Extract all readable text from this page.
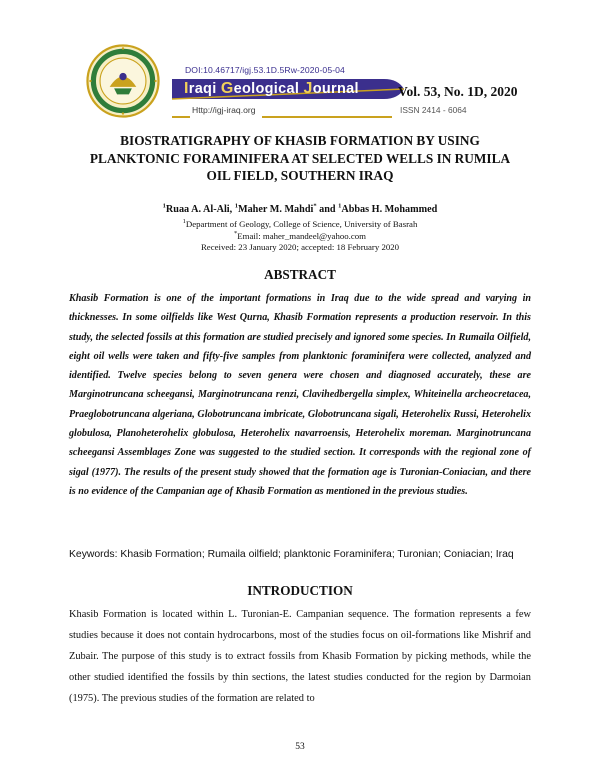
DOI:10.46717/igj.53.1D.5Rw-2020-05-04
Iraqi Geological Journal	Vol. 53, No. 1D, 2020
Http://igj-iraq.org	ISSN 2414 - 6064
BIOSTRATIGRAPHY OF KHASIB FORMATION BY USING
PLANKTONIC FORAMINIFERA AT SELECTED WELLS IN RUMILA
OIL FIELD, SOUTHERN IRAQ
$^1$Ruaa A. Al-Ali, $^1$Maher M. Mahdi* and $^1$Abbas H. Mohammed
$^1$Department of Geology, College of Science, University of Basrah
*Email: maher_mandeel@yahoo.com
Received: 23 January 2020; accepted: 18 February 2020
ABSTRACT

Khasib Formation is one of the important formations in Iraq due to the wide spread and varying in thicknesses. In some oilfields like West Qurna, Khasib Formation represents a production reservoir. In this study, the selected fossils at this formation are studied precisely and ignored some species. In Rumaila Oilfield, eight oil wells were taken and fifty-five samples from planktonic foraminifera were collected, analyzed and identified. Twelve species belong to seven genera were chosen and diagnosed accurately, these are Marginotruncana scheegansi, Marginotruncana renzi, Clavihedbergella simplex, Whiteinella archeocretacea, Praeglobotruncana algeriana, Globotruncana imbricate, Globotruncana sigali, Heterohelix Russi, Heterohelix globulosa, Planoheterohelix globulosa, Heterohelix navarroensis, Heterohelix moreman. Marginotruncana scheegansi Assemblages Zone was suggested to the studied section. It corresponds with the regional zone of sigal (1977). The results of the present study showed that the formation age is Turonian-Coniacian, and there is no evidence of the Campanian age of Khasib Formation as mentioned in the previous studies.

Keywords: Khasib Formation; Rumaila oilfield; planktonic Foraminifera; Turonian; Coniacian; Iraq

INTRODUCTION

Khasib Formation is located within L. Turonian-E. Campanian sequence. The formation represents a few studies because it does not contain hydrocarbons, most of the studies focus on oil-formations like Mishrif and Zubair. The purpose of this study is to extract fossils from Khasib Formation by picking methods, while the other studied identified the fossils by thin sections, the latest studies conducted for the region by Darmoian (1975). The previous studies of the formation are related to

53
